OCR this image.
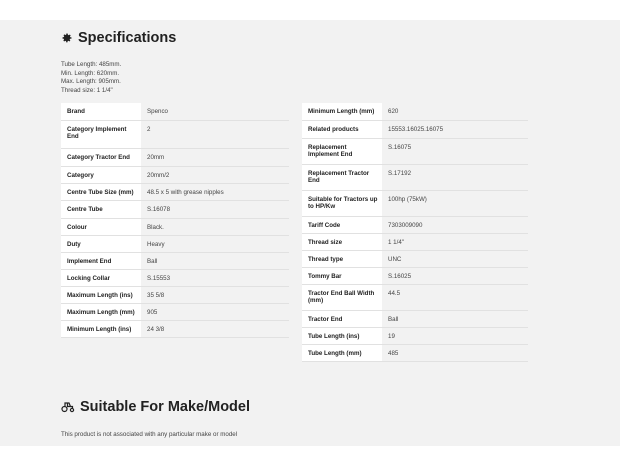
Specifications
Tube Length: 485mm.
Min. Length: 620mm.
Max. Length: 905mm.
Thread size: 1 1/4"
Brand	Spenco
Category Implement End	2
Category Tractor End	20mm
Category	20mm/2
Centre Tube Size (mm)	48.5 x 5 with grease nipples
Centre Tube	S.16078
Colour	Black.
Duty	Heavy
Implement End	Ball
Locking Collar	S.15553
Maximum Length (ins)	35 5/8
Maximum Length (mm)	905
Minimum Length (ins)	24 3/8
Minimum Length (mm)	620
Related products	15553.16025.16075
Replacement Implement End	S.16075
Replacement Tractor End	S.17192
Suitable for Tractors up to HP/Kw	100hp (75kW)
Tariff Code	7303009090
Thread size	1 1/4"
Thread type	UNC
Tommy Bar	S.16025
Tractor End Ball Width (mm)	44.5
Tractor End	Ball
Tube Length (ins)	19
Tube Length (mm)	485
Suitable For Make/Model
This product is not associated with any particular make or model
